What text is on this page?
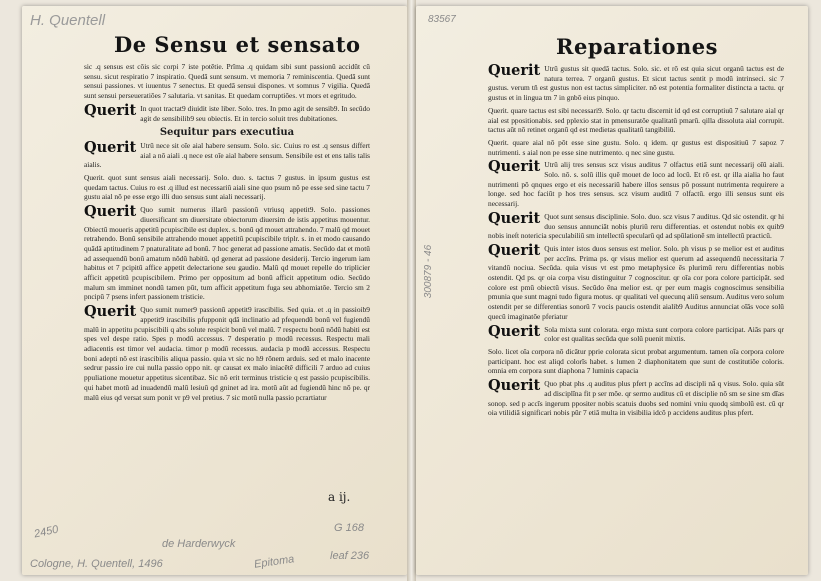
H. Quentell
De Sensu et sensato

sic .q sensus est cōis sic corpi 7 iste potētie. Prīma .q quidam sibi sunt passionū accidūt cū sensu. sicut respiratio 7 inspiratio. Quedā sunt sensum. vt memoria 7 reminiscentia. Quedā sunt sensui passiones. vt iuuentus 7 senectus. Et quedā sensui dispones. vt somnus 7 vigilia. Quedā sunt sensui perseueratiōes 7 salutaria. vt sanitas. Et quedam corruptiōes. vt mors et egritudo.

Querit In quot tractat9 diuidit iste liber. Solo. tres. In pmo agit de sensib9. In secūdo agit de sensibilib9 seu obiectis. Et in tercio soluit tres dubitationes.

Sequitur pars executiua

Querit Utrū nece sit oīe aial habere sensum. Solo. sic. Cuius ro est .q sensus differt aial a nō aiali .q nece est oīe aial habere sensum. Sensibile est et ens talis talis aialis.

Querit. quot sunt sensus aiali necessarij. Solo. duo. s. tactus 7 gustus. in ipsum gustus est quedam tactus. Cuius ro est .q illud est necessariū aiali sine quo psum nō pe esse sed sine tactu 7 gustu aial nō pe esse ergo illi duo sensus sunt aiali necessarij.

Querit Quo sumit numerus illarū passionū vtriusq appetit9. Solo. passiones diuersificant sm diuersitate obiectorum diuersim de istis appetitus mouentur. Obiectū moueris appetitū pcupiscibile est duplex. s. bonū qd mouet attrahendo. 7 malū qd mouet retrahendo. Bonū sensibile attrahendo mouet appetitū pcupiscibile triplr. s. in et modo causando quādā aptitudinem 7 pnaturalitate ad bonū. 7 hoc generat ad passione amatis. Secūdo dat et motū ad assequendū bonū amatum nōdū habitū. qd generat ad passione desiderij. Tercio ingerum iam habitus et 7 pcipitū affice appetit delectarione seu gaudio. Malū qd mouet repelle do triplicier afficit appetitū pcupiscibilem. Primo per oppositum ad bonū afficit appetitum odio. Secūdo malum sm imminet nondū tamen pūt, tum afficit appetitum fuga seu abhomiatōe. Tercio sm 2 pncipū 7 psens infert passionem tristicie.

Querit Quo sumit numer9 passionū appetit9 irascibilis. Sed quia. et .q in passioib9 appetit9 irascibilis pfupponit qdā inclinatio ad pfequendū bonū vel fugiendū malū in appetitu pcupiscibili q abs solute respicit bonū vel malū. 7 respectu bonū nōdū habiti est spes vel despe ratio. Spes p modū accessus. 7 desperatio p modū recessus. Respectu mali adiacentis est timor vel audacia. timor p modū recessus. audacia p modū accessus. Respectu boni adepti nō est irascibilis aliqua passio. quia vt sic no h9 rōnem arduis. sed et malo inacente sedrur passio ire cui nulla passio oppo nit. qr causat ex malo iniacētē difficili 7 arduo ad cuius ppuliatione mouetur appetitus sicentibaz. Sic nō erit terminus tristicie q est passio pcupiscibilis. qui habet motū ad inuadendū malū lesiuū qd gninet ad ira. motū aūt ad fugiendū hinc nō pe. qr malū eius qd versat sum ponit vr p9 vel pretius. 7 sic motū nulla passio pcrartiatur

a ij.
2450
Cologne, H. Quentell, 1496
de Harderwyck
Epitoma
G 168
leaf 236
83567
Reparationes
300879 - 46

Querit Utrū gustus sit quedā tactus. Solo. sic. et rō est quia sicut organū tactus est de natura terrea. 7 organū gustus. Et sicut tactus sentit p modū intrinseci. sic 7 gustus. verum tñ est gustus non est tactus simpliciter. nō est potentia formaliter distincta a tactu. qr gustus et in lingua tm 7 in gnbō eius pinquo.

Querit. quare tactus est sibi necessari9. Solo. qr tactu discernit id qd est corruptiuū 7 salutare aial qr aial est ppositionabis. sed pplexio stat in pmensuratōe qualitatū pmarū. qilla dissoluta aial corrupit. tactus aūt nō retinet organū qd est medietas qualitatū tangibiliū.

Querit. quare aial nō pōt esse sine gustu. Solo. q idem. qr gustus est dispositiuū 7 sapoz 7 nutrimenti. s aial non pe esse sine nutrimento. q nec sine gustu.

Querit Utrū alij tres sensus scz visus auditus 7 olfactus etiā sunt necessarij oīū aiali. Solo. nō. s. solū illis quē mouet de loco ad locū. Et rō est. qr illa aialia ho faut nutrimenti pō qnques ergo et eis necessariū habere illos sensus pō possunt nutrimenta requirere a longe. sed hoc faciūt p hos tres sensus. scz visum auditū 7 olfactū. ergo illi sensus sunt eis necessarij.

Querit Quot sunt sensus disciplinie. Solo. duo. scz visus 7 auditus. Qd sic ostendit. qr hi duo sensus annunciāt nobis pluriū reru differentias. et ostendut nobis ex quib9 nobis ineſt notericia speculabiliū sm intellectū specularū qd ad spūlationē sm intellectū practicū.

Querit Quis inter istos duos sensus est melior. Solo. ph visus p se melior est et auditus per accīns. Prima ps. qr visus melior est querum ad assequendū necessitaria 7 vitandū nociua. Secūda. quia visus vt est pmo metaphysice ēs plurimū reru differentias nobis ostendit. Qd ps. qr oia corpa visu distinguitur 7 cognoscitur. qr oīa cor pora colore participāt. sed colore est pmū obiectū visus. Secūdo ēna melior est. qr per eum magis cognoscimus sensibilia pmunia que sunt magni tudo figura motus. qr qualitati vel quecunq aliū sensum. Auditus vero solum ostendit per se differentias sonorū 7 vocis paucis ostendit aialib9 Auditus annunciat oīās voce solū quecū imaginatōe pferiatur

Querit Sola mixta sunt colorata. ergo mixta sunt corpora colore participat. Aiās pars qr color est qualitas secūda que solū puenit mixtis.

Solo. licet oīa corpora nō dicātur pprie colorata sicut probat argumentum. tamen oīa corpora colore participant. hoc est aliqd colorīs habet. s lumen 2 diaphonitatem que sunt de costitutiōe coloris. omnia em corpora sunt diaphona 7 luminis capacia

Querit Quo pbat phs .q auditus plus pfert p accīns ad discipli nā q visus. Solo. quia sūt ad disciplīna fit p ser mōe. qr sermo auditus cū et disciplie nō sm se sine sm dīas sonop. sed p accīs ingerum ppositer nobis scatuis duobs sed nomini vniu quodq simbolū est. cū qr oia vtilidiā significari nobis pūr 7 etiā multa in visibilia idcō p accidens auditus plus pfert.
